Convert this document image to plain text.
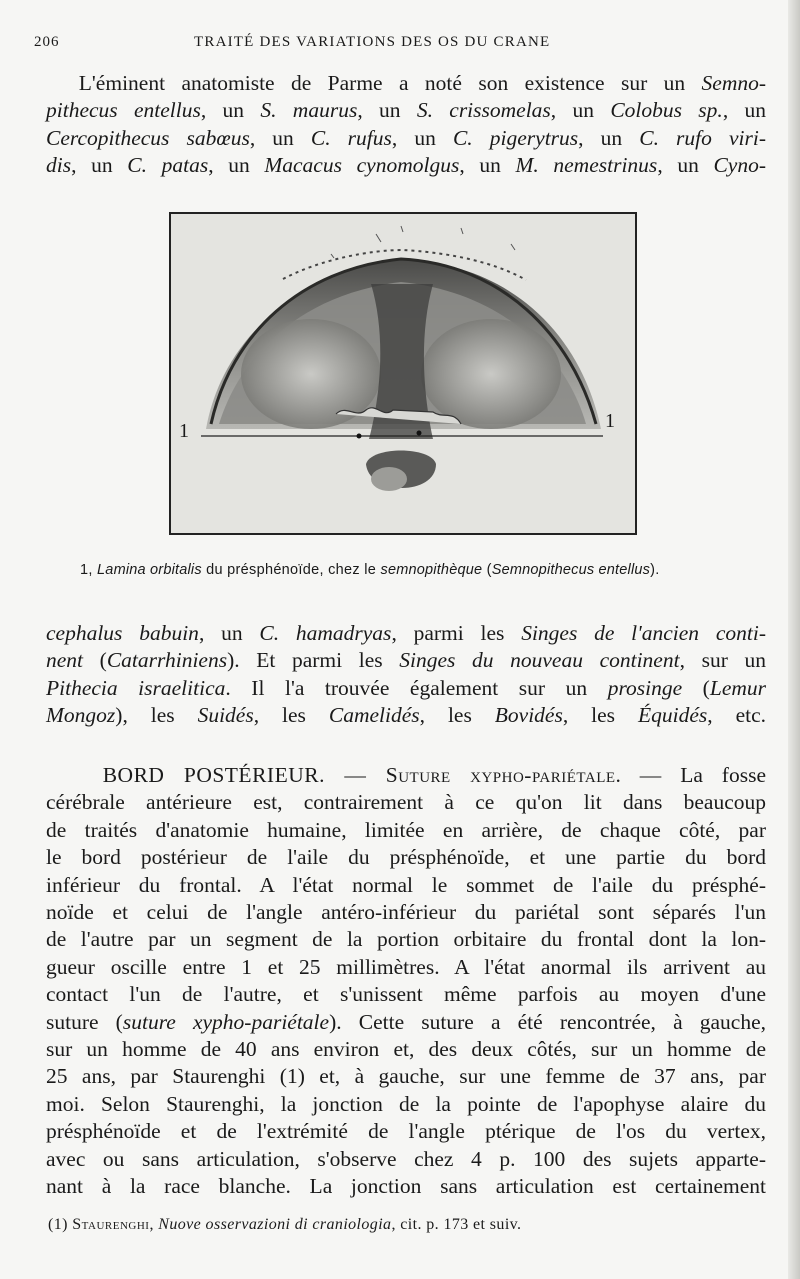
206	TRAITÉ DES VARIATIONS DES OS DU CRANE
L'éminent anatomiste de Parme a noté son existence sur un Semno-
pithecus entellus, un S. maurus, un S. crissomelas, un Colobus sp., un
Cercopithecus sabœus, un C. rufus, un C. pigerytrus, un C. rufo viri-
dis, un C. patas, un Macacus cynomolgus, un M. nemestrinus, un Cyno-
1	1
1, Lamina orbitalis du présphénoïde, chez le semnopithèque (Semnopithecus entellus).
cephalus babuin, un C. hamadryas, parmi les Singes de l'ancien conti-
nent (Catarrhiniens). Et parmi les Singes du nouveau continent, sur un
Pithecia israelitica. Il l'a trouvée également sur un prosinge (Lemur
Mongoz), les Suidés, les Camelidés, les Bovidés, les Équidés, etc.
BORD POSTÉRIEUR. — Suture xypho-pariétale. — La fosse
cérébrale antérieure est, contrairement à ce qu'on lit dans beaucoup
de traités d'anatomie humaine, limitée en arrière, de chaque côté, par
le bord postérieur de l'aile du présphénoïde, et une partie du bord
inférieur du frontal. A l'état normal le sommet de l'aile du présphé-
noïde et celui de l'angle antéro-inférieur du pariétal sont séparés l'un
de l'autre par un segment de la portion orbitaire du frontal dont la lon-
gueur oscille entre 1 et 25 millimètres. A l'état anormal ils arrivent au
contact l'un de l'autre, et s'unissent même parfois au moyen d'une
suture (suture xypho-pariétale). Cette suture a été rencontrée, à gauche,
sur un homme de 40 ans environ et, des deux côtés, sur un homme de
25 ans, par Staurenghi (1) et, à gauche, sur une femme de 37 ans, par
moi. Selon Staurenghi, la jonction de la pointe de l'apophyse alaire du
présphénoïde et de l'extrémité de l'angle ptérique de l'os du vertex,
avec ou sans articulation, s'observe chez 4 p. 100 des sujets apparte-
nant à la race blanche. La jonction sans articulation est certainement
(1) Staurenghi, Nuove osservazioni di craniologia, cit. p. 173 et suiv.
